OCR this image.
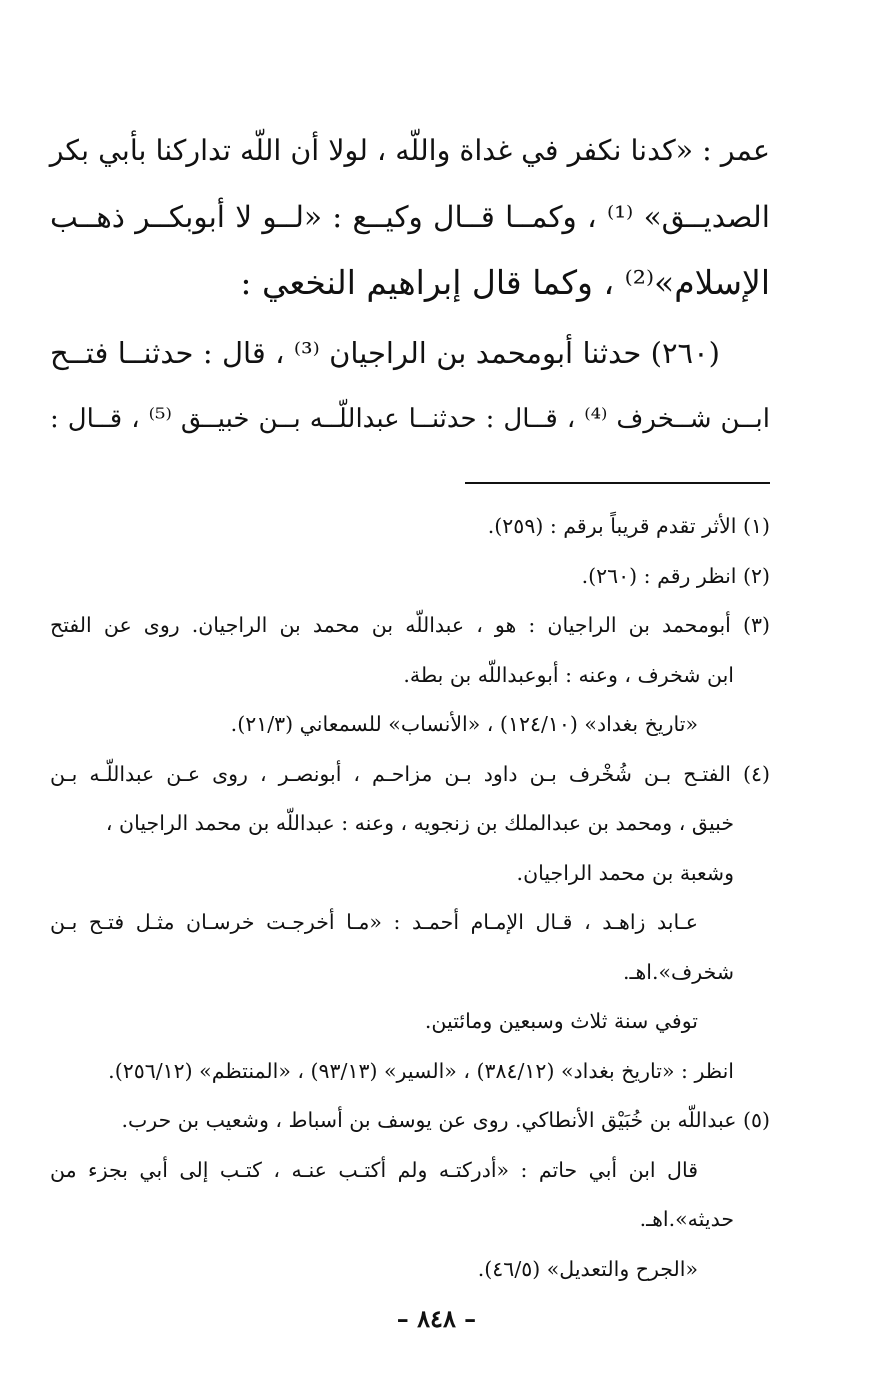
عمر : «كدنا نكفر في غداة واللّه ، لولا أن اللّه تداركنا بأبي بكر
الصديــق» ⁽¹⁾ ، وكمــا قــال وكيــع : «لــو لا أبوبكــر ذهــب
الإسلام»⁽²⁾ ، وكما قال إبراهيم النخعي :
(٢٦٠) حدثنا أبومحمد بن الراجيان ⁽³⁾ ، قال : حدثنــا فتــح
ابــن شــخرف ⁽⁴⁾ ، قــال : حدثنــا عبداللّــه بــن خبيــق ⁽⁵⁾ ، قــال :
(١) الأثر تقدم قريباً برقم : (٢٥٩).
(٢) انظر رقم : (٢٦٠).
(٣) أبومحمد بن الراجيان : هو ، عبداللّه بن محمد بن الراجيان. روى عن الفتح
ابن شخرف ، وعنه : أبوعبداللّه بن بطة.
«تاريخ بغداد» (١٢٤/١٠) ، «الأنساب» للسمعاني (٢١/٣).
(٤) الفتـح بـن شُخْرف بـن داود بـن مزاحـم ، أبونصـر ، روى عـن عبداللّـه بـن
خبيق ، ومحمد بن عبدالملك بن زنجويه ، وعنه : عبداللّه بن محمد الراجيان ،
وشعبة بن محمد الراجيان.
عـابد زاهـد ، قـال الإمـام أحمـد : «مـا أخرجـت خرسـان مثـل فتـح بـن
شخرف».اهـ.
توفي سنة ثلاث وسبعين ومائتين.
انظر : «تاريخ بغداد» (٣٨٤/١٢) ، «السير» (٩٣/١٣) ، «المنتظم» (٢٥٦/١٢).
(٥) عبداللّه بن خُبَيْق الأنطاكي. روى عن يوسف بن أسباط ، وشعيب بن حرب.
قال ابن أبي حاتم : «أدركتـه ولم أكتـب عنـه ، كتـب إلى أبي بجزء من
حديثه».اهـ.
«الجرح والتعديل» (٤٦/٥).
– ٨٤٨ –
